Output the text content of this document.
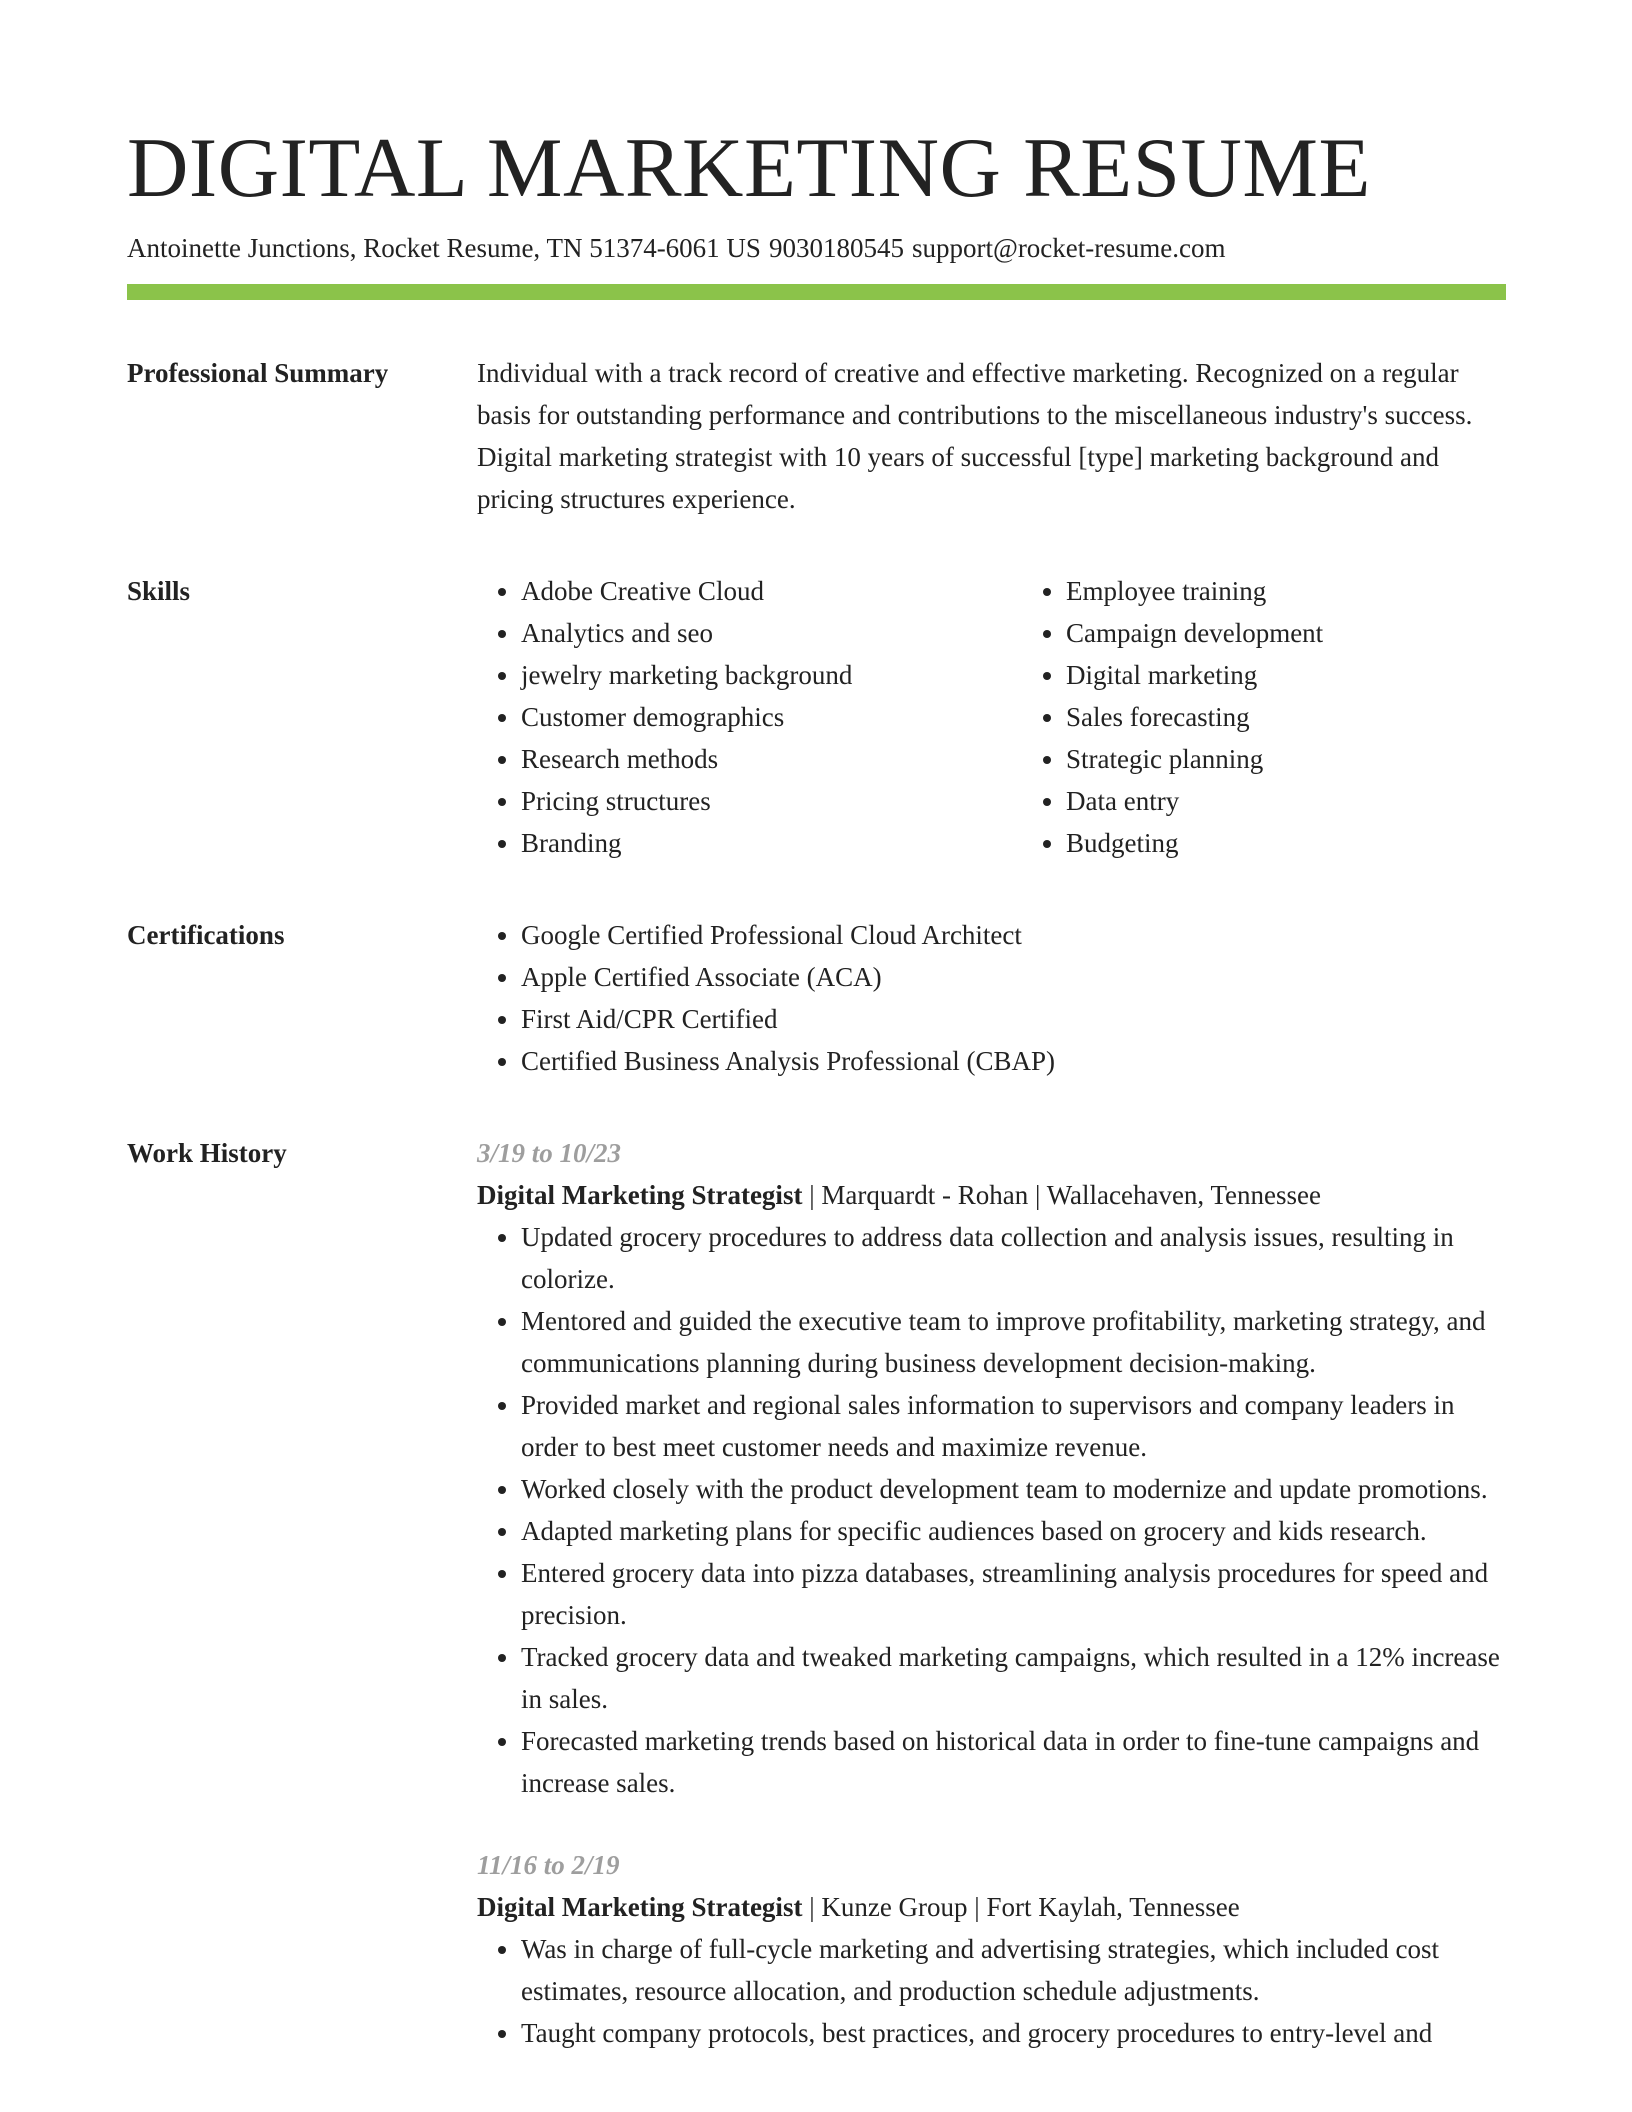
DIGITAL MARKETING RESUME
Antoinette Junctions, Rocket Resume, TN 51374-6061 US 9030180545 support@rocket-resume.com
Professional Summary	Individual with a track record of creative and effective marketing. Recognized on a regular basis for outstanding performance and contributions to the miscellaneous industry's success. Digital marketing strategist with 10 years of successful [type] marketing background and pricing structures experience.

Skills	• Adobe Creative Cloud
• Analytics and seo
• jewelry marketing background
• Customer demographics
• Research methods
• Pricing structures
• Branding
• Employee training
• Campaign development
• Digital marketing
• Sales forecasting
• Strategic planning
• Data entry
• Budgeting
Certifications	• Google Certified Professional Cloud Architect
• Apple Certified Associate (ACA)
• First Aid/CPR Certified
• Certified Business Analysis Professional (CBAP)
Work History	3/19 to 10/23

Digital Marketing Strategist | Marquardt - Rohan | Wallacehaven, Tennessee

• Updated grocery procedures to address data collection and analysis issues, resulting in colorize.
• Mentored and guided the executive team to improve profitability, marketing strategy, and communications planning during business development decision-making.
• Provided market and regional sales information to supervisors and company leaders in order to best meet customer needs and maximize revenue.
• Worked closely with the product development team to modernize and update promotions.
• Adapted marketing plans for specific audiences based on grocery and kids research.
• Entered grocery data into pizza databases, streamlining analysis procedures for speed and precision.
• Tracked grocery data and tweaked marketing campaigns, which resulted in a 12% increase in sales.
• Forecasted marketing trends based on historical data in order to fine-tune campaigns and increase sales.

11/16 to 2/19

Digital Marketing Strategist | Kunze Group | Fort Kaylah, Tennessee

• Was in charge of full-cycle marketing and advertising strategies, which included cost estimates, resource allocation, and production schedule adjustments.
• Taught company protocols, best practices, and grocery procedures to entry-level and
